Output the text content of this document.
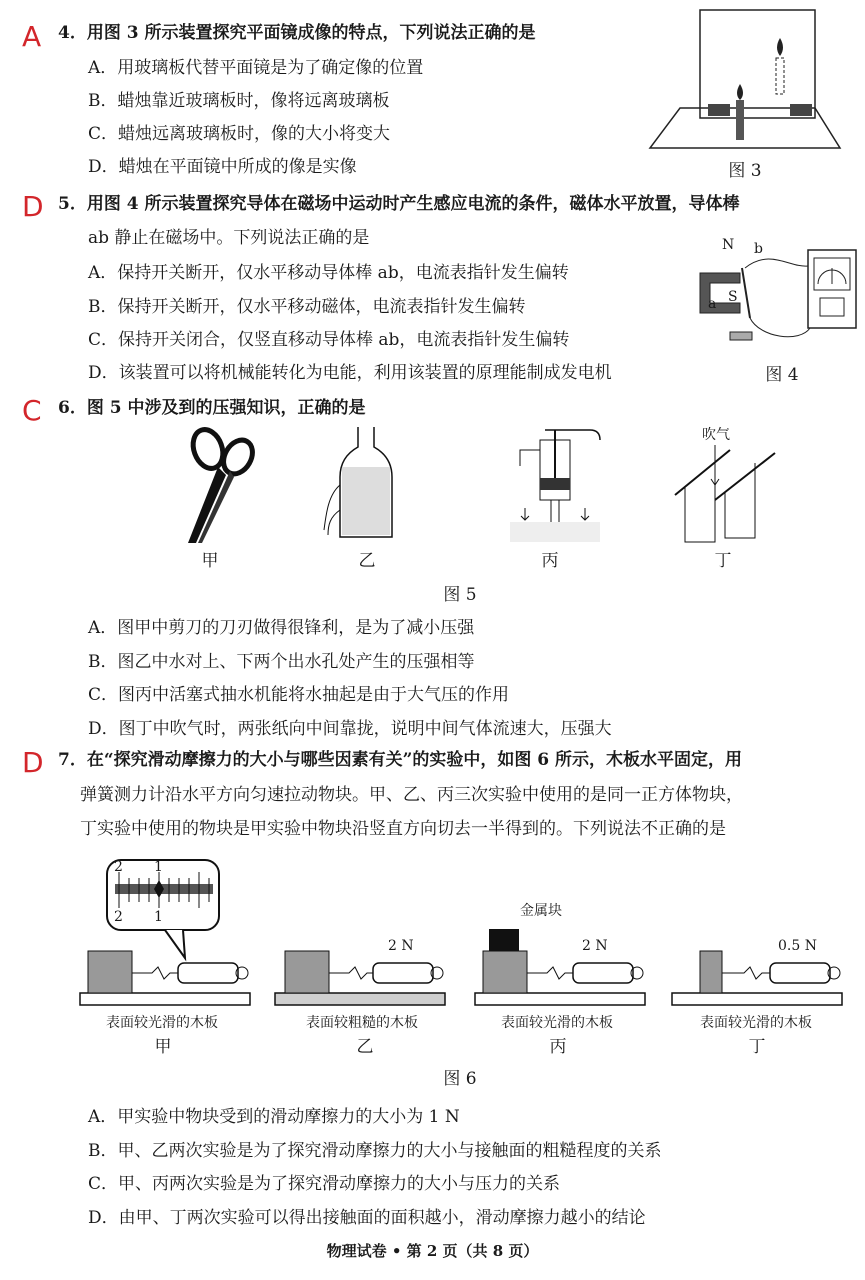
A 4．用图 3 所示装置探究平面镜成像的特点，下列说法正确的是
A．用玻璃板代替平面镜是为了确定像的位置
B．蜡烛靠近玻璃板时，像将远离玻璃板
C．蜡烛远离玻璃板时，像的大小将变大
D．蜡烛在平面镜中所成的像是实像	图 3
D 5．用图 4 所示装置探究导体在磁场中运动时产生感应电流的条件，磁体水平放置，导体棒
ab 静止在磁场中。下列说法正确的是
A．保持开关断开，仅水平移动导体棒 ab，电流表指针发生偏转
B．保持开关断开，仅水平移动磁体，电流表指针发生偏转
C．保持开关闭合，仅竖直移动导体棒 ab，电流表指针发生偏转
D．该装置可以将机械能转化为电能，利用该装置的原理能制成发电机
N b
a S
图 4
C 6．图 5 中涉及到的压强知识，正确的是
吹气
甲	乙	丙	丁
图 5
A．图甲中剪刀的刀刃做得很锋利，是为了减小压强
B．图乙中水对上、下两个出水孔处产生的压强相等
C．图丙中活塞式抽水机能将水抽起是由于大气压的作用
D．图丁中吹气时，两张纸向中间靠拢，说明中间气体流速大，压强大
D 7．在“探究滑动摩擦力的大小与哪些因素有关”的实验中，如图 6 所示，木板水平固定，用
弹簧测力计沿水平方向匀速拉动物块。甲、乙、丙三次实验中使用的是同一正方体物块，
丁实验中使用的物块是甲实验中物块沿竖直方向切去一半得到的。下列说法不正确的是
2 1
1
2
2 N	2 N	0.5 N
金属块
表面较光滑的木板	表面较粗糙的木板	表面较光滑的木板	表面较光滑的木板
甲	乙	丙	丁
图 6
A．甲实验中物块受到的滑动摩擦力的大小为 1 N
B．甲、乙两次实验是为了探究滑动摩擦力的大小与接触面的粗糙程度的关系
C．甲、丙两次实验是为了探究滑动摩擦力的大小与压力的关系
D．由甲、丁两次实验可以得出接触面的面积越小，滑动摩擦力越小的结论
物理试卷 • 第 2 页（共 8 页）
